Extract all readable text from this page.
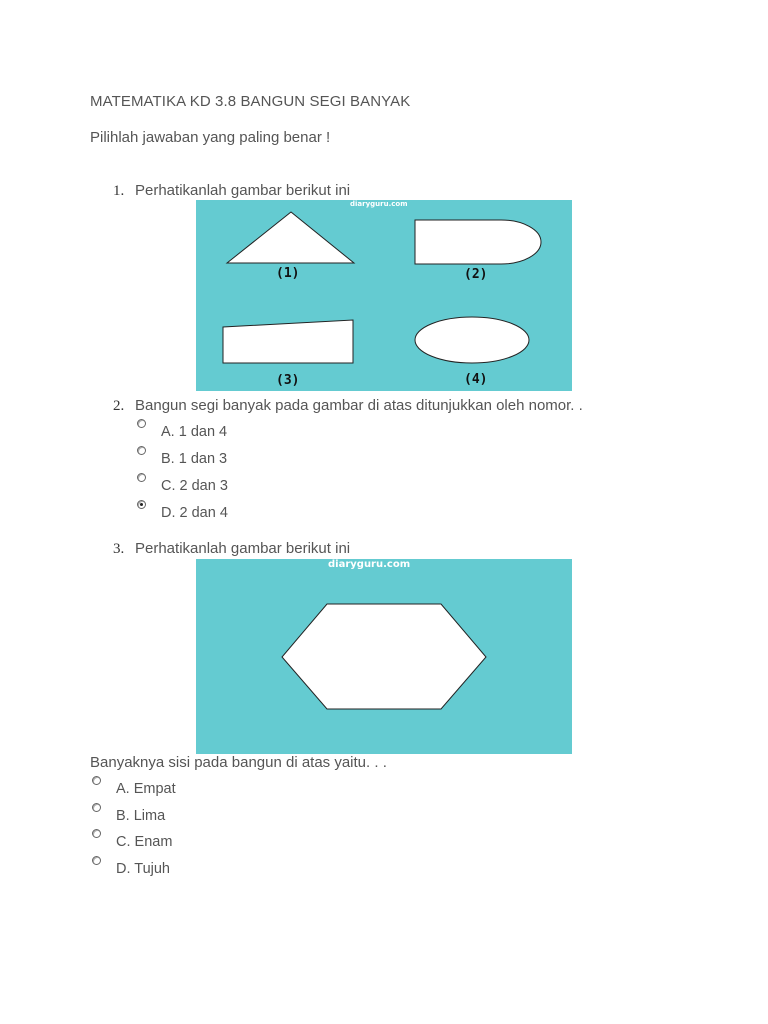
MATEMATIKA KD 3.8 BANGUN SEGI BANYAK
Pilihlah jawaban yang paling benar !
1. Perhatikanlah gambar berikut ini
diaryguru.com
(1)	(2)
(3)	(4)
2. Bangun segi banyak pada gambar di atas ditunjukkan oleh nomor. .
A. 1 dan 4
B. 1 dan 3
C. 2 dan 3
D. 2 dan 4
3. Perhatikanlah gambar berikut ini
diaryguru.com
Banyaknya sisi pada bangun di atas yaitu. . .
A. Empat
B. Lima
C. Enam
D. Tujuh
